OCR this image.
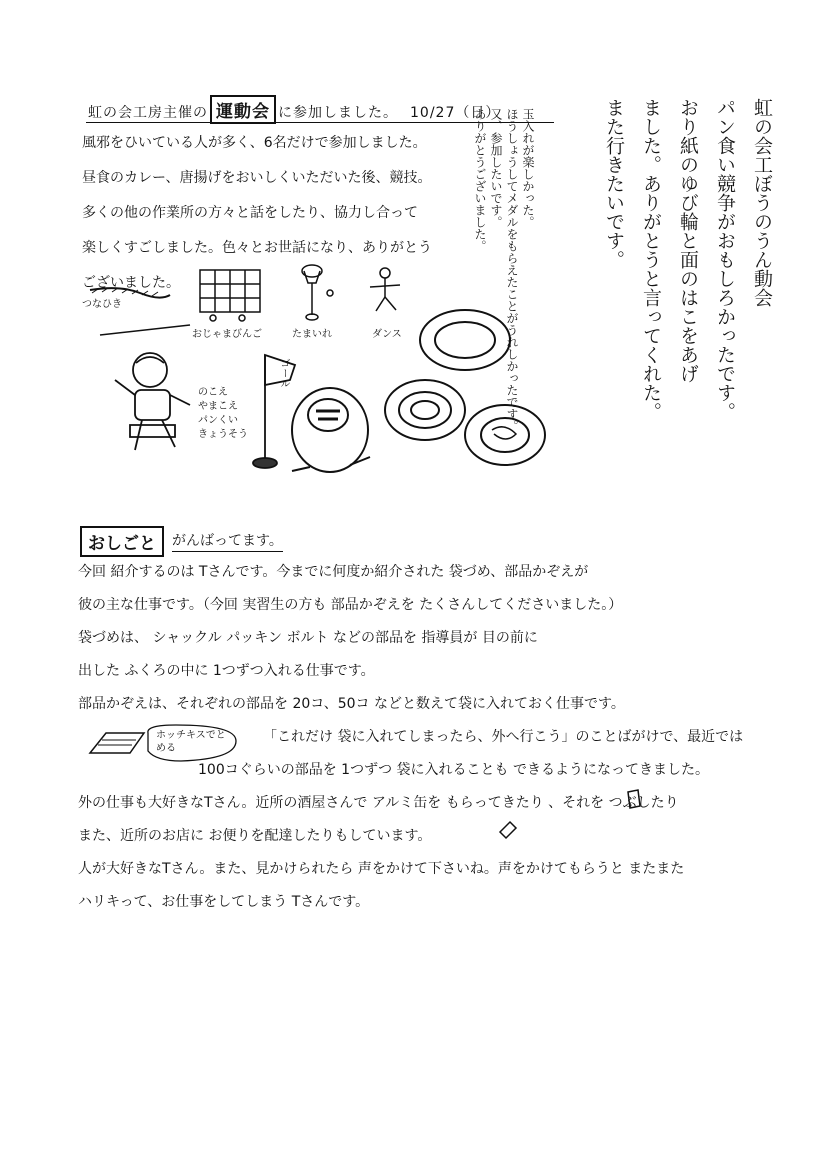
虹の会工房主催の 運動会 に参加しました。 10/27（日）

風邪をひいている人が多く、6名だけで参加しました。

昼食のカレー、唐揚げをおいしくいただいた後、競技。

多くの他の作業所の方々と話をしたり、協力し合って

楽しくすごしました。色々とお世話になり、ありがとう

ございました。

玉入れが楽しかった。
ほうしょうしてメダルをもらえたことがうれしかったです。
又、参加したいです。
ありがとうございました。	虹の会工ぼうのうん動会
パン食い競争がおもしろかったです。
おり紙のゆび輪と面のはこをあげ
ました。ありがとうと言ってくれた。
また行きたいです。
つなひき
おじゃまびんご	たまいれ	ダンス
ゴール
のこえ
やまこえ
パンくい
きょうそう
おしごと	がんばってます。

今回 紹介するのは Tさんです。今までに何度か紹介された 袋づめ、部品かぞえが

彼の主な仕事です。（今回 実習生の方も 部品かぞえを たくさんしてくださいました。）

袋づめは、 シャックル パッキン ボルト などの部品を 指導員が 目の前に

出した ふくろの中に 1つずつ入れる仕事です。

部品かぞえは、それぞれの部品を 20コ、50コ などと数えて袋に入れておく仕事です。

「これだけ 袋に入れてしまったら、外へ行こう」のことばがけで、最近では

100コぐらいの部品を 1つずつ 袋に入れることも できるようになってきました。

外の仕事も大好きなTさん。近所の酒屋さんで アルミ缶を もらってきたり 、それを つぶしたり

また、近所のお店に お便りを配達したりもしています。

人が大好きなTさん。また、見かけられたら 声をかけて下さいね。声をかけてもらうと またまた

ハリキって、お仕事をしてしまう Tさんです。

ホッチキスでとめる
